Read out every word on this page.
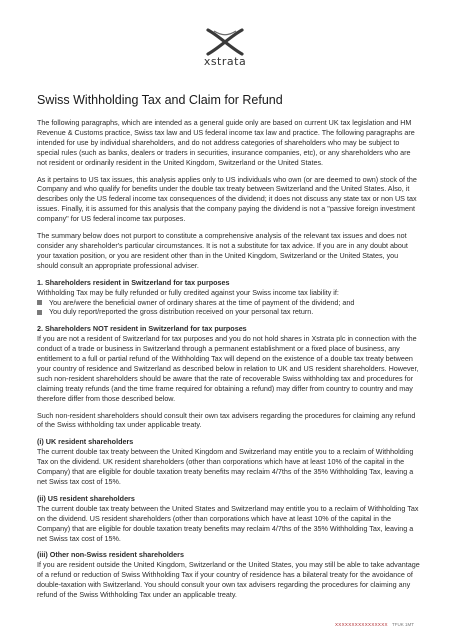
xstrata
Swiss Withholding Tax and Claim for Refund

The following paragraphs, which are intended as a general guide only are based on current UK tax legislation and HM Revenue & Customs practice, Swiss tax law and US federal income tax law and practice. The following paragraphs are intended for use by individual shareholders, and do not address categories of shareholders who may be subject to special rules (such as banks, dealers or traders in securities, insurance companies, etc), or any shareholders who are not resident or ordinarily resident in the United Kingdom, Switzerland or the United States.

As it pertains to US tax issues, this analysis applies only to US individuals who own (or are deemed to own) stock of the Company and who qualify for benefits under the double tax treaty between Switzerland and the United States. Also, it describes only the US federal income tax consequences of the dividend; it does not discuss any state tax or non US tax issues. Finally, it is assumed for this analysis that the company paying the dividend is not a "passive foreign investment company" for US federal income tax purposes.

The summary below does not purport to constitute a comprehensive analysis of the relevant tax issues and does not consider any shareholder's particular circumstances. It is not a substitute for tax advice. If you are in any doubt about your taxation position, or you are resident other than in the United Kingdom, Switzerland or the United States, you should consult an appropriate professional adviser.

1. Shareholders resident in Switzerland for tax purposes
Withholding Tax may be fully refunded or fully credited against your Swiss income tax liability if:
You are/were the beneficial owner of ordinary shares at the time of payment of the dividend; and
You duly report/reported the gross distribution received on your personal tax return.
2. Shareholders NOT resident in Switzerland for tax purposes

If you are not a resident of Switzerland for tax purposes and you do not hold shares in Xstrata plc in connection with the conduct of a trade or business in Switzerland through a permanent establishment or a fixed place of business, any entitlement to a full or partial refund of the Withholding Tax will depend on the existence of a double tax treaty between your country of residence and Switzerland as described below in relation to UK and US resident shareholders. However, such non-resident shareholders should be aware that the rate of recoverable Swiss withholding tax and procedures for claiming treaty refunds (and the time frame required for obtaining a refund) may differ from country to country and may therefore differ from those described below.

Such non-resident shareholders should consult their own tax advisers regarding the procedures for claiming any refund of the Swiss withholding tax under applicable treaty.

(i) UK resident shareholders

The current double tax treaty between the United Kingdom and Switzerland may entitle you to a reclaim of Withholding Tax on the dividend. UK resident shareholders (other than corporations which have at least 10% of the capital in the Company) that are eligible for double taxation treaty benefits may reclaim 4/7ths of the 35% Withholding Tax, leaving a net Swiss tax cost of 15%.

(ii) US resident shareholders

The current double tax treaty between the United States and Switzerland may entitle you to a reclaim of Withholding Tax on the dividend. US resident shareholders (other than corporations which have at least 10% of the capital in the Company) that are eligible for double taxation treaty benefits may reclaim 4/7ths of the 35% Withholding Tax, leaving a net Swiss tax cost of 15%.

(iii) Other non-Swiss resident shareholders

If you are resident outside the United Kingdom, Switzerland or the United States, you may still be able to take advantage of a refund or reduction of Swiss Withholding Tax if your country of residence has a bilateral treaty for the avoidance of double-taxation with Switzerland. You should consult your own tax advisers regarding the procedures for claiming any refund of the Swiss Withholding Tax under an applicable treaty.

XXXXXXXXXXXXXXXX TFUK 1MT
